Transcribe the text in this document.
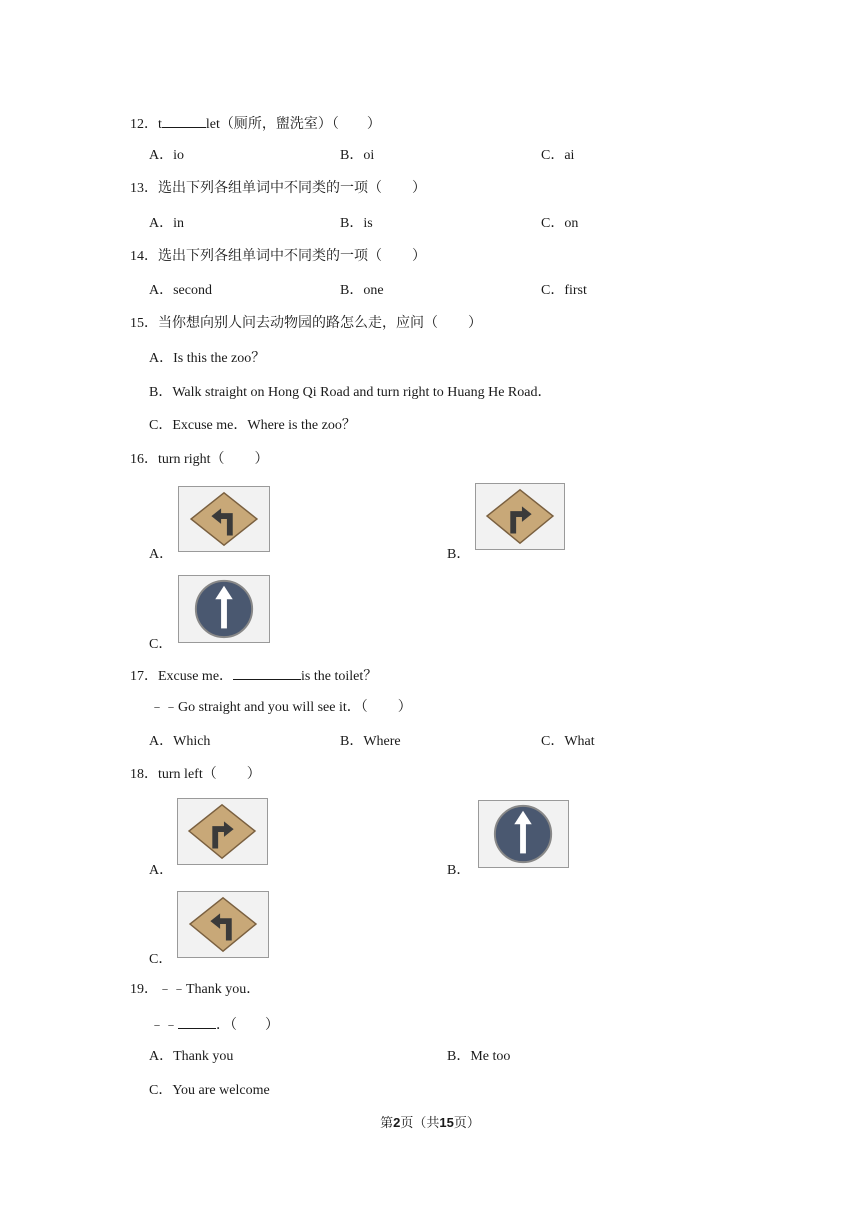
12．t	let（厕所，盥洗室）（ ）
A．io	B．oi	C．ai
13．选出下列各组单词中不同类的一项（ ）
A．in	B．is	C．on
14．选出下列各组单词中不同类的一项（ ）
A．second	B．one	C．first
15．当你想向别人问去动物园的路怎么走，应问（ ）
A．Is this the zoo？
B．Walk straight on Hong Qi Road and turn right to Huang He Road．
C．Excuse me．Where is the zoo？
16．turn right（ ）
A．	B．
C．
17．Excuse me．	is the toilet？
﹣﹣Go straight and you will see it．（ ）
A．Which	B．Where	C．What
18．turn left（ ）
A．	B．
C．
19．﹣﹣Thank you．
﹣﹣	．（ ）
A．Thank you	B．Me too
C．You are welcome
第2页（共15页）
